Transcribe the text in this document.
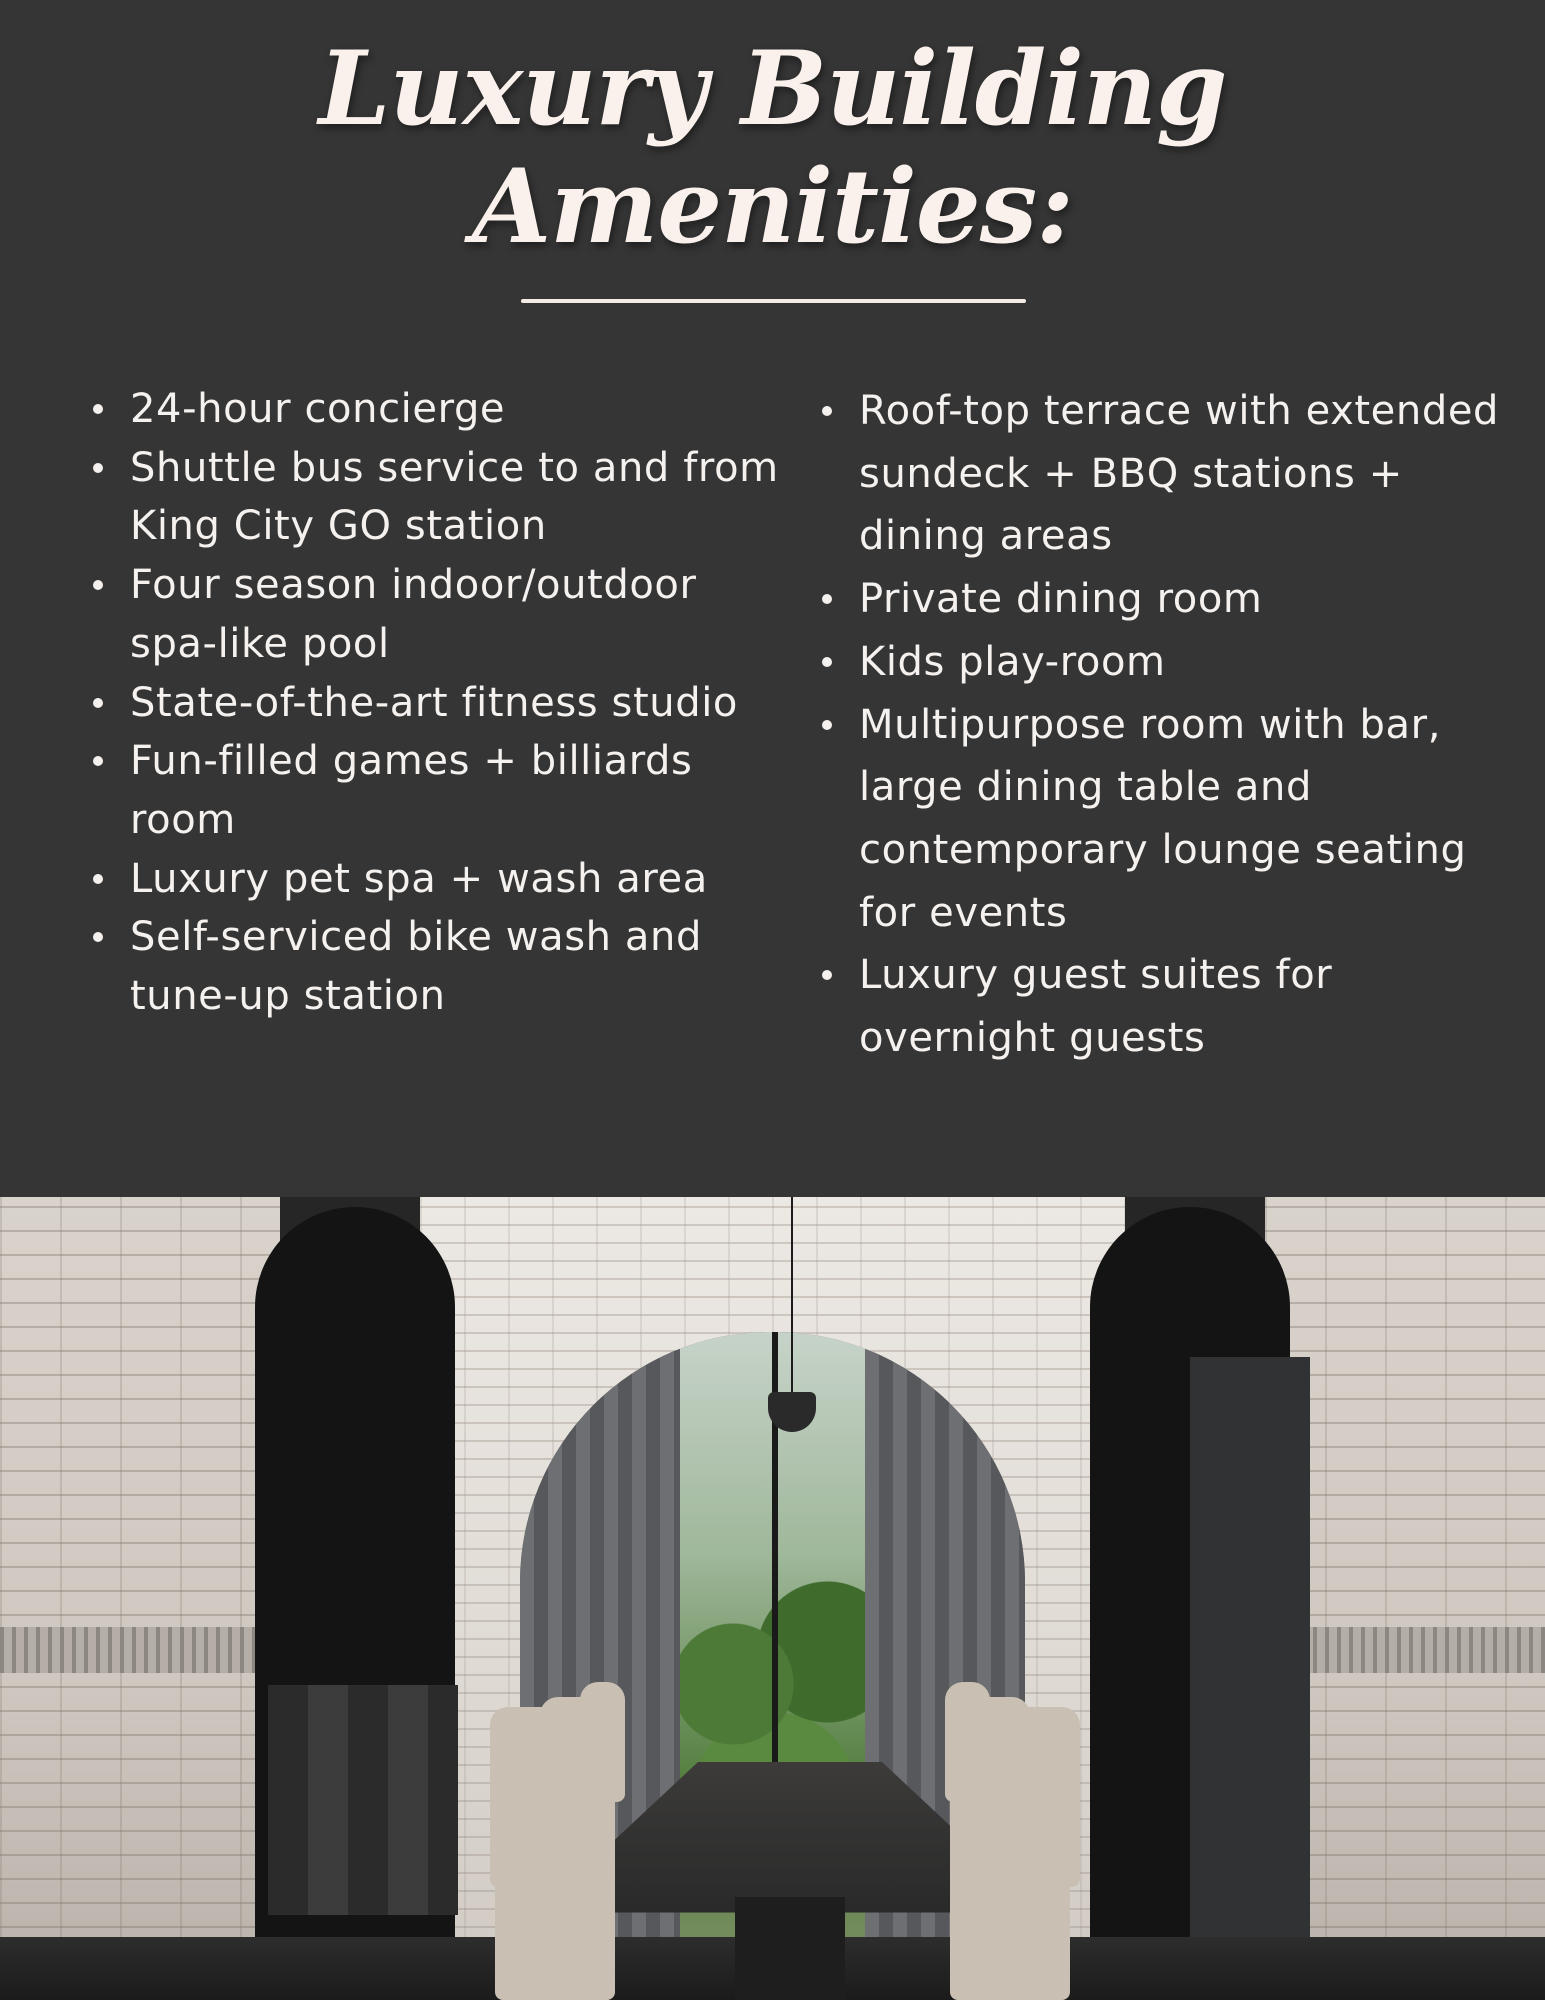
Luxury Building
Amenities:
24-hour concierge
Shuttle bus service to and from King City GO station
Four season indoor/outdoor spa-like pool
State-of-the-art fitness studio
Fun-filled games + billiards room
Luxury pet spa + wash area
Self-serviced bike wash and tune-up station
Roof-top terrace with extended sundeck + BBQ stations + dining areas
Private dining room
Kids play-room
Multipurpose room with bar, large dining table and contemporary lounge seating for events
Luxury guest suites for overnight guests
